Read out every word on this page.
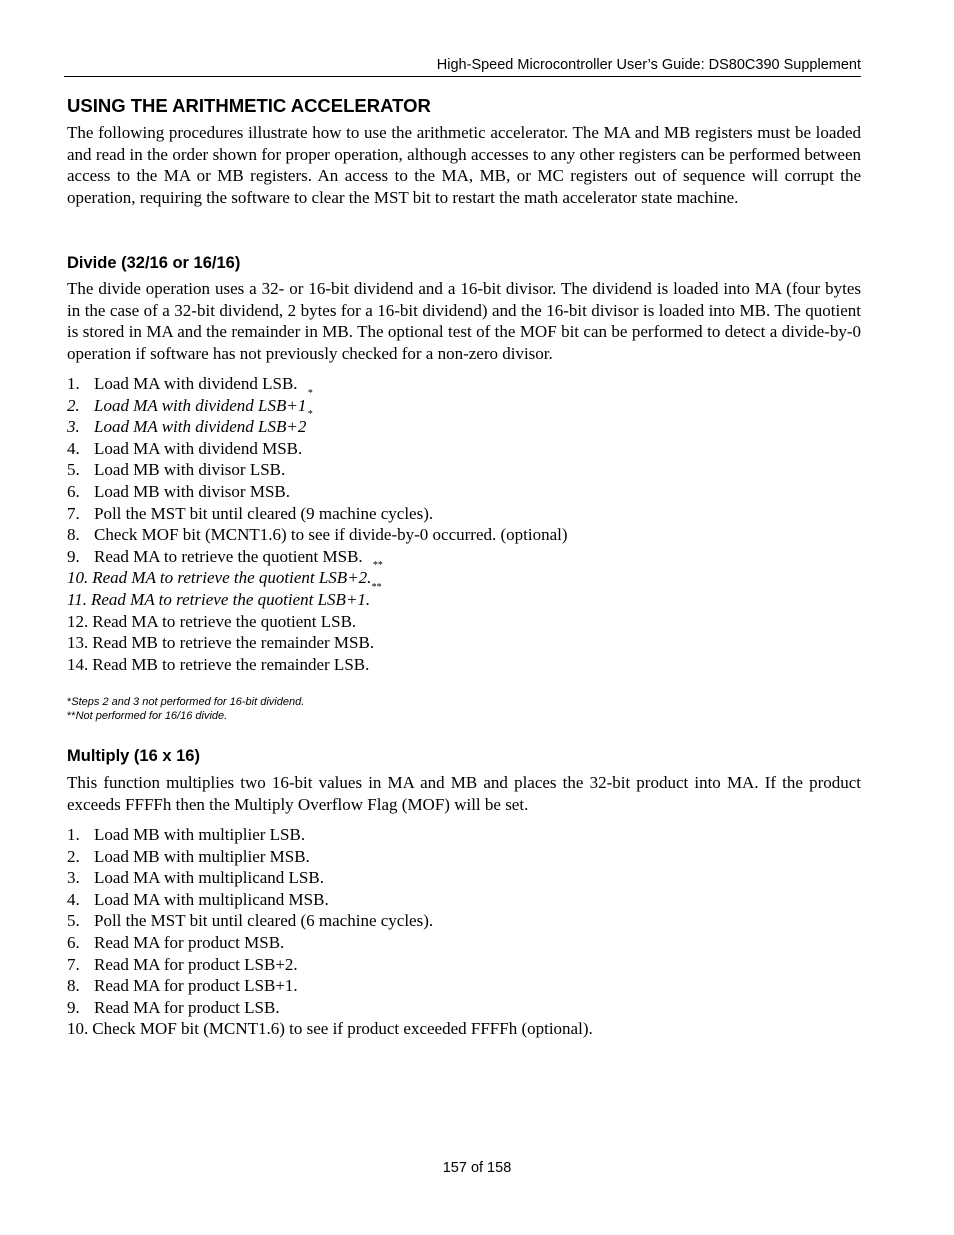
High-Speed Microcontroller User’s Guide: DS80C390 Supplement
USING THE ARITHMETIC ACCELERATOR

The following procedures illustrate how to use the arithmetic accelerator. The MA and MB registers must be loaded and read in the order shown for proper operation, although accesses to any other registers can be performed between access to the MA or MB registers. An access to the MA, MB, or MC registers out of sequence will corrupt the operation, requiring the software to clear the MST bit to restart the math accelerator state machine.

Divide (32/16 or 16/16)

The divide operation uses a 32- or 16-bit dividend and a 16-bit divisor. The dividend is loaded into MA (four bytes in the case of a 32-bit dividend, 2 bytes for a 16-bit dividend) and the 16-bit divisor is loaded into MB. The quotient is stored in MA and the remainder in MB. The optional test of the MOF bit can be performed to detect a divide-by-0 operation if software has not previously checked for a non-zero divisor.

1. Load MA with dividend LSB.
2. Load MA with dividend LSB+1
*
3. Load MA with dividend LSB+2
*
4. Load MA with dividend MSB.
5. Load MB with divisor LSB.
6. Load MB with divisor MSB.
7. Poll the MST bit until cleared (9 machine cycles).
8. Check MOF bit (MCNT1.6) to see if divide-by-0 occurred. (optional)
9. Read MA to retrieve the quotient MSB.
10. Read MA to retrieve the quotient LSB+2.
**
11. Read MA to retrieve the quotient LSB+1.
**
12. Read MA to retrieve the quotient LSB.
13. Read MB to retrieve the remainder MSB.
14. Read MB to retrieve the remainder LSB.
*Steps 2 and 3 not performed for 16-bit dividend.
**Not performed for 16/16 divide.
Multiply (16 x 16)

This function multiplies two 16-bit values in MA and MB and places the 32-bit product into MA. If the product exceeds FFFFh then the Multiply Overflow Flag (MOF) will be set.

1. Load MB with multiplier LSB.
2. Load MB with multiplier MSB.
3. Load MA with multiplicand LSB.
4. Load MA with multiplicand MSB.
5. Poll the MST bit until cleared (6 machine cycles).
6. Read MA for product MSB.
7. Read MA for product LSB+2.
8. Read MA for product LSB+1.
9. Read MA for product LSB.
10. Check MOF bit (MCNT1.6) to see if product exceeded FFFFh (optional).
157 of 158
